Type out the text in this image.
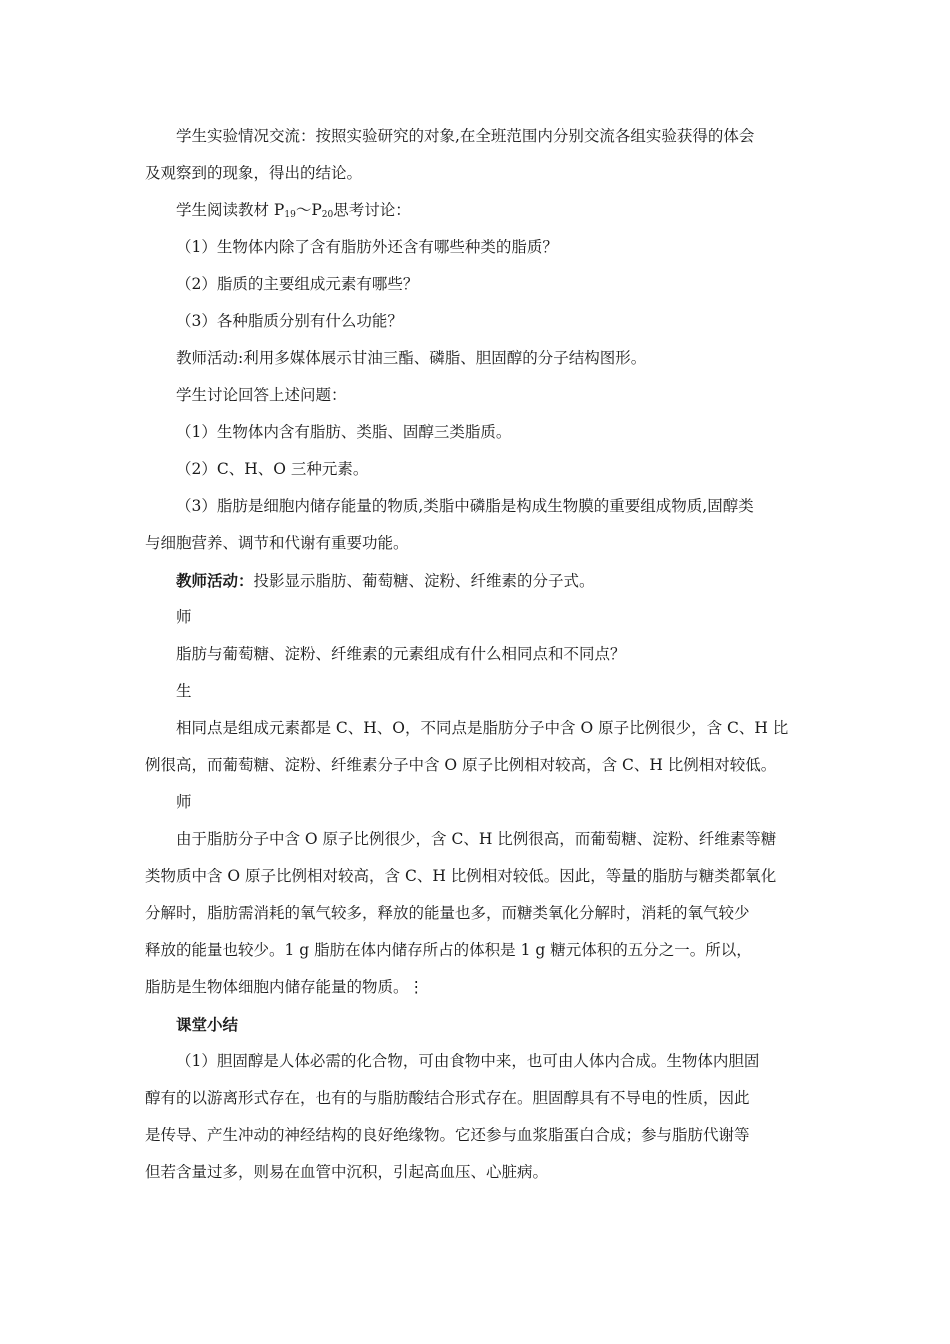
学生实验情况交流：按照实验研究的对象,在全班范围内分别交流各组实验获得的体会
及观察到的现象，得出的结论。
学生阅读教材 $P_{19}\sim P_{20}$思考讨论：
（1）生物体内除了含有脂肪外还含有哪些种类的脂质？
（2）脂质的主要组成元素有哪些？
（3）各种脂质分别有什么功能？
教师活动:利用多媒体展示甘油三酯、磷脂、胆固醇的分子结构图形。
学生讨论回答上述问题：
（1）生物体内含有脂肪、类脂、固醇三类脂质。
（2）C、H、O 三种元素。
（3）脂肪是细胞内储存能量的物质,类脂中磷脂是构成生物膜的重要组成物质,固醇类
与细胞营养、调节和代谢有重要功能。
教师活动：投影显示脂肪、葡萄糖、淀粉、纤维素的分子式。
师
脂肪与葡萄糖、淀粉、纤维素的元素组成有什么相同点和不同点？
生
相同点是组成元素都是 C、H、O，不同点是脂肪分子中含 O 原子比例很少，含 C、H 比
例很高，而葡萄糖、淀粉、纤维素分子中含 O 原子比例相对较高，含 C、H 比例相对较低。
师
由于脂肪分子中含 O 原子比例很少，含 C、H 比例很高，而葡萄糖、淀粉、纤维素等糖
类物质中含 O 原子比例相对较高，含 C、H 比例相对较低。因此，等量的脂肪与糖类都氧化
分解时，脂肪需消耗的氧气较多，释放的能量也多，而糖类氧化分解时，消耗的氧气较少
释放的能量也较少。1 g 脂肪在体内储存所占的体积是 1 g 糖元体积的五分之一。所以，
脂肪是生物体细胞内储存能量的物质。⋮
课堂小结
（1）胆固醇是人体必需的化合物，可由食物中来，也可由人体内合成。生物体内胆固
醇有的以游离形式存在，也有的与脂肪酸结合形式存在。胆固醇具有不导电的性质，因此
是传导、产生冲动的神经结构的良好绝缘物。它还参与血浆脂蛋白合成；参与脂肪代谢等
但若含量过多，则易在血管中沉积，引起高血压、心脏病。
